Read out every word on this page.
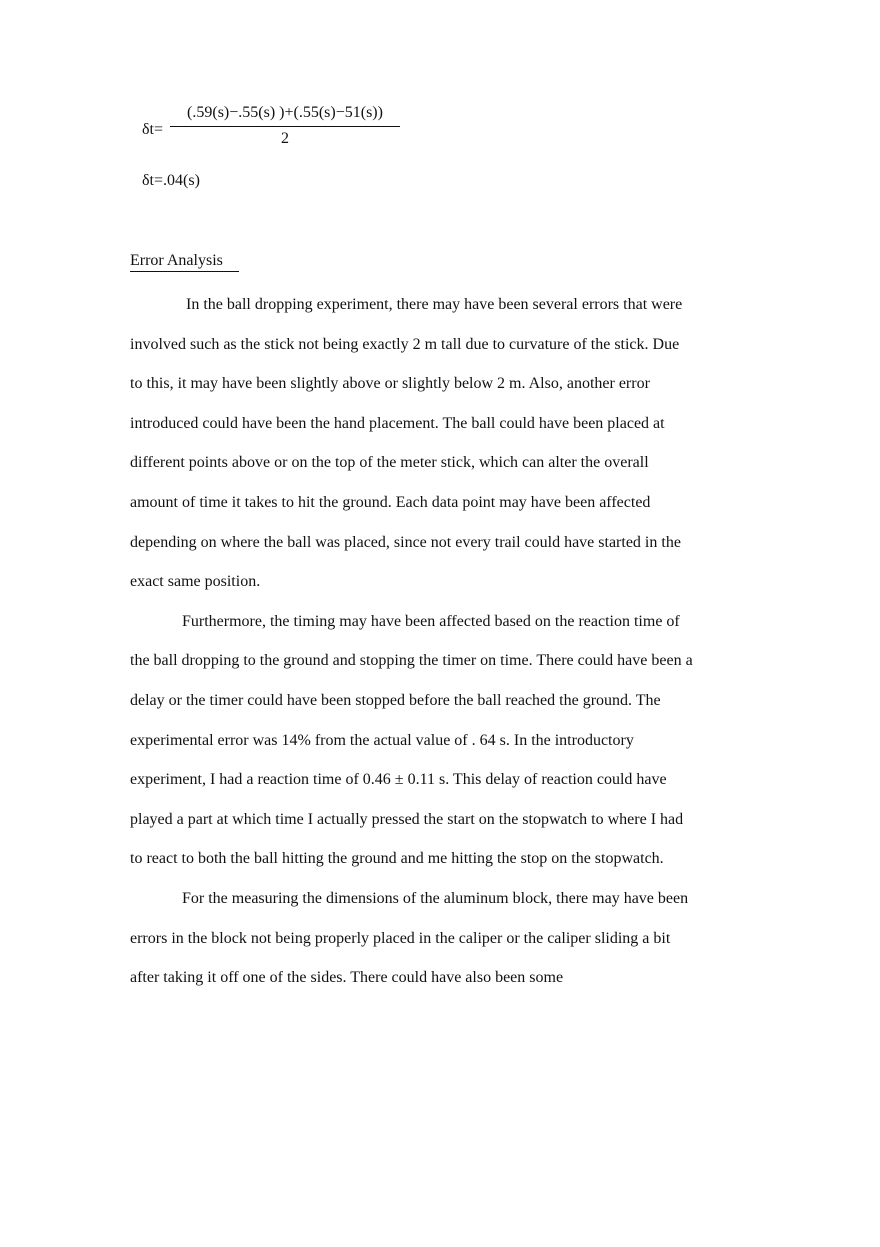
δt=
(.59(s)−.55(s) )+(.55(s)−51(s))
2
δt=.04(s)
Error Analysis

In the ball dropping experiment, there may have been several errors that were involved such as the stick not being exactly 2 m tall due to curvature of the stick. Due to this, it may have been slightly above or slightly below 2 m. Also, another error introduced could have been the hand placement. The ball could have been placed at different points above or on the top of the meter stick, which can alter the overall amount of time it takes to hit the ground. Each data point may have been affected depending on where the ball was placed, since not every trail could have started in the exact same position.

Furthermore, the timing may have been affected based on the reaction time of the ball dropping to the ground and stopping the timer on time. There could have been a delay or the timer could have been stopped before the ball reached the ground. The experimental error was 14% from the actual value of . 64 s. In the introductory experiment, I had a reaction time of 0.46 ± 0.11 s. This delay of reaction could have played a part at which time I actually pressed the start on the stopwatch to where I had to react to both the ball hitting the ground and me hitting the stop on the stopwatch.

For the measuring the dimensions of the aluminum block, there may have been errors in the block not being properly placed in the caliper or the caliper sliding a bit after taking it off one of the sides. There could have also been some
